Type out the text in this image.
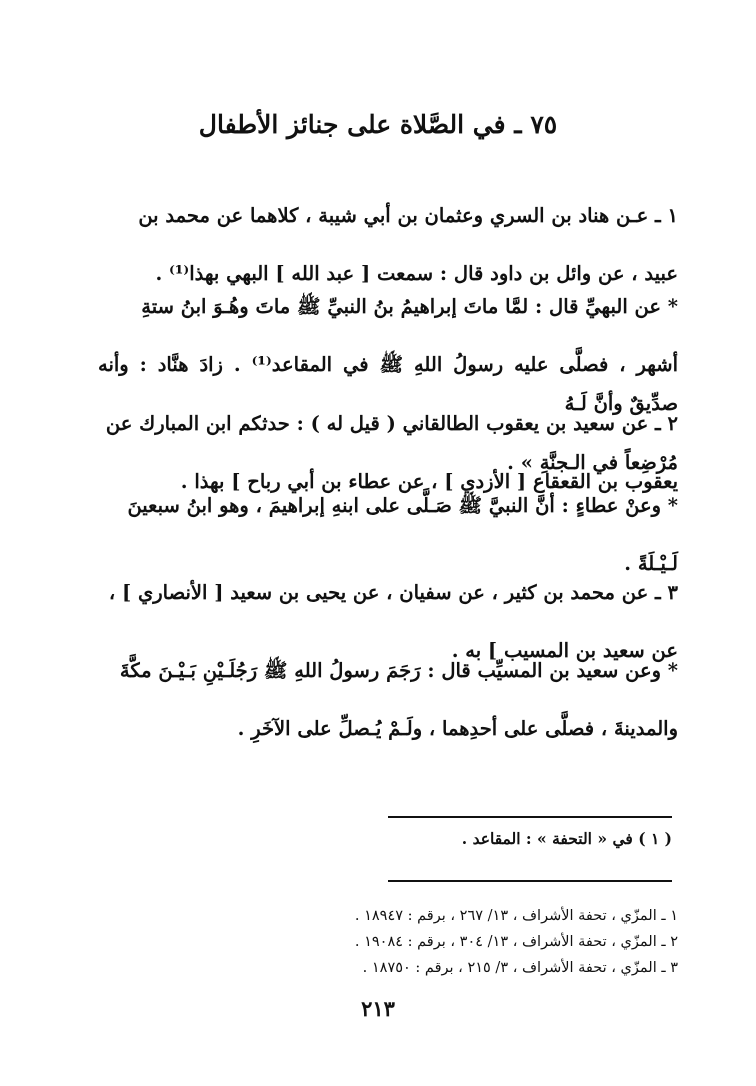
٧٥ ـ في الصَّلاة على جنائز الأطفال

١ ـ عـن هناد بن السري وعثمان بن أبي شيبة ، كلاهما عن محمد بن

عبيد ، عن وائل بن داود قال : سمعت [ عبد الله ] البهي بهذا⁽¹⁾ .

* عن البهيِّ قال : لمَّا ماتَ إبراهيمُ بنُ النبيِّ ﷺ ماتَ وهُـوَ ابنُ ستةِ

أشهر ، فصلَّى عليه رسولُ اللهِ ﷺ في المقاعد⁽¹⁾ . زادَ هنَّاد : وأنه صدِّيقٌ وأنَّ لَـهُ

مُرْضِعاً في الـجنَّةِ » .

٢ ـ عن سعيد بن يعقوب الطالقاني ( قيل له ) : حدثكم ابن المبارك عن

يعقوب بن القعقاع [ الأزدي ] ، عن عطاء بن أبي رباح ] بهذا .

* وعنْ عطاءٍ : أنَّ النبيَّ ﷺ صَـلَّى على ابنهِ إبراهيمَ ، وهو ابنُ سبعينَ

لَـيْـلَةً .

٣ ـ عن محمد بن كثير ، عن سفيان ، عن يحيى بن سعيد [ الأنصاري ] ،

عن سعيد بن المسيب ] به .

* وعن سعيد بن المسيِّب قال : رَجَمَ رسولُ اللهِ ﷺ رَجُلَـيْنِ بَـيْـنَ مكَّةَ

والمدينةَ ، فصلَّى على أحدِهما ، ولَـمْ يُـصلِّ على الآخَرِ .

( ١ ) في « التحفة » : المقاعد .
١ ـ المزّي ، تحفة الأشراف ، ١٣/ ٢٦٧ ، برقم : ١٨٩٤٧ .
٢ ـ المزّي ، تحفة الأشراف ، ١٣/ ٣٠٤ ، برقم : ١٩٠٨٤ .
٣ ـ المزّي ، تحفة الأشراف ، ٣/ ٢١٥ ، برقم : ١٨٧٥٠ .
٢١٣
